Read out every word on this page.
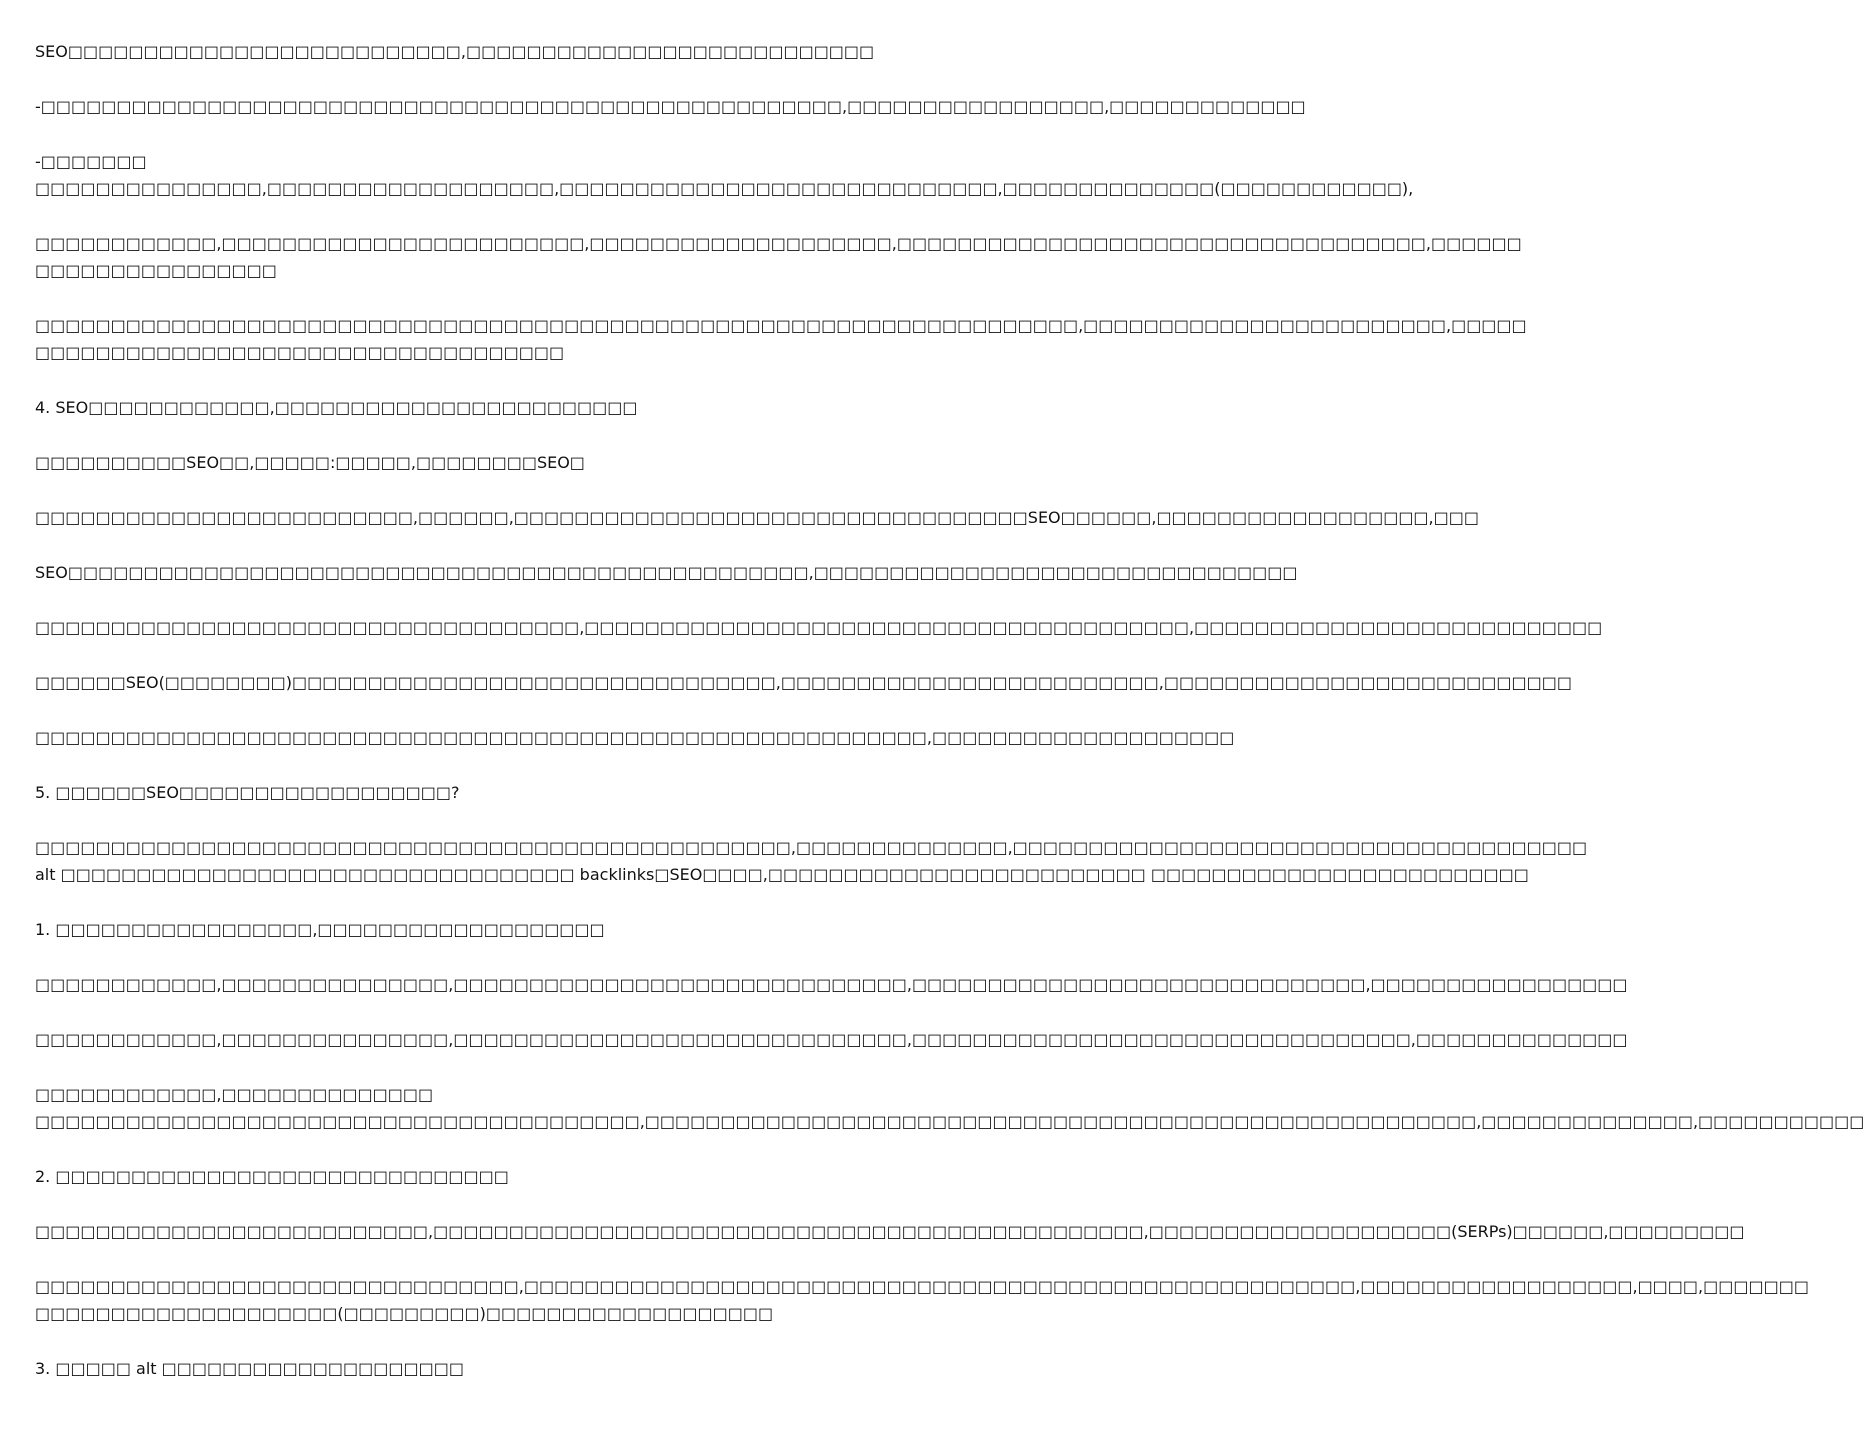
SEO□□□□□□□□□□□□□□□□□□□□□□□□□□,□□□□□□□□□□□□□□□□□□□□□□□□□□□

-□□□□□□□□□□□□□□□□□□□□□□□□□□□□□□□□□□□□□□□□□□□□□□□□□□□□□,□□□□□□□□□□□□□□□□□,□□□□□□□□□□□□□

-□□□□□□□
□□□□□□□□□□□□□□□,□□□□□□□□□□□□□□□□□□□,□□□□□□□□□□□□□□□□□□□□□□□□□□□□□,□□□□□□□□□□□□□□(□□□□□□□□□□□□),

□□□□□□□□□□□□,□□□□□□□□□□□□□□□□□□□□□□□□,□□□□□□□□□□□□□□□□□□□□,□□□□□□□□□□□□□□□□□□□□□□□□□□□□□□□□□□□,□□□□□□
□□□□□□□□□□□□□□□□

□□□□□□□□□□□□□□□□□□□□□□□□□□□□□□□□□□□□□□□□□□□□□□□□□□□□□□□□□□□□□□□□□□□□□,□□□□□□□□□□□□□□□□□□□□□□□□,□□□□□
□□□□□□□□□□□□□□□□□□□□□□□□□□□□□□□□□□□

4. SEO□□□□□□□□□□□□,□□□□□□□□□□□□□□□□□□□□□□□□

□□□□□□□□□□SEO□□,□□□□□:□□□□□,□□□□□□□□SEO□

□□□□□□□□□□□□□□□□□□□□□□□□□,□□□□□□,□□□□□□□□□□□□□□□□□□□□□□□□□□□□□□□□□□SEO□□□□□□,□□□□□□□□□□□□□□□□□□,□□□

SEO□□□□□□□□□□□□□□□□□□□□□□□□□□□□□□□□□□□□□□□□□□□□□□□□□,□□□□□□□□□□□□□□□□□□□□□□□□□□□□□□□□

□□□□□□□□□□□□□□□□□□□□□□□□□□□□□□□□□□□□,□□□□□□□□□□□□□□□□□□□□□□□□□□□□□□□□□□□□□□□□,□□□□□□□□□□□□□□□□□□□□□□□□□□□

□□□□□□SEO(□□□□□□□□)□□□□□□□□□□□□□□□□□□□□□□□□□□□□□□□□,□□□□□□□□□□□□□□□□□□□□□□□□□,□□□□□□□□□□□□□□□□□□□□□□□□□□□

□□□□□□□□□□□□□□□□□□□□□□□□□□□□□□□□□□□□□□□□□□□□□□□□□□□□□□□□□□□,□□□□□□□□□□□□□□□□□□□□

5. □□□□□□SEO□□□□□□□□□□□□□□□□□□?

□□□□□□□□□□□□□□□□□□□□□□□□□□□□□□□□□□□□□□□□□□□□□□□□□□,□□□□□□□□□□□□□□,□□□□□□□□□□□□□□□□□□□□□□□□□□□□□□□□□□□□□□
alt □□□□□□□□□□□□□□□□□□□□□□□□□□□□□□□□□□ backlinks□SEO□□□□,□□□□□□□□□□□□□□□□□□□□□□□□□ □□□□□□□□□□□□□□□□□□□□□□□□□

1. □□□□□□□□□□□□□□□□□,□□□□□□□□□□□□□□□□□□□

□□□□□□□□□□□□,□□□□□□□□□□□□□□□,□□□□□□□□□□□□□□□□□□□□□□□□□□□□□□,□□□□□□□□□□□□□□□□□□□□□□□□□□□□□□,□□□□□□□□□□□□□□□□□

□□□□□□□□□□□□,□□□□□□□□□□□□□□□,□□□□□□□□□□□□□□□□□□□□□□□□□□□□□□,□□□□□□□□□□□□□□□□□□□□□□□□□□□□□□□□□,□□□□□□□□□□□□□□

□□□□□□□□□□□□,□□□□□□□□□□□□□□
□□□□□□□□□□□□□□□□□□□□□□□□□□□□□□□□□□□□□□□□,□□□□□□□□□□□□□□□□□□□□□□□□□□□□□□□□□□□□□□□□□□□□□□□□□□□□□□□,□□□□□□□□□□□□□□,□□□□□□□□□□□

2. □□□□□□□□□□□□□□□□□□□□□□□□□□□□□□

□□□□□□□□□□□□□□□□□□□□□□□□□□,□□□□□□□□□□□□□□□□□□□□□□□□□□□□□□□□□□□□□□□□□□□□□□□,□□□□□□□□□□□□□□□□□□□□(SERPs)□□□□□□,□□□□□□□□□

□□□□□□□□□□□□□□□□□□□□□□□□□□□□□□□□,□□□□□□□□□□□□□□□□□□□□□□□□□□□□□□□□□□□□□□□□□□□□□□□□□□□□□□□,□□□□□□□□□□□□□□□□□□,□□□□,□□□□□□□
□□□□□□□□□□□□□□□□□□□□(□□□□□□□□□)□□□□□□□□□□□□□□□□□□□

3. □□□□□ alt □□□□□□□□□□□□□□□□□□□□
